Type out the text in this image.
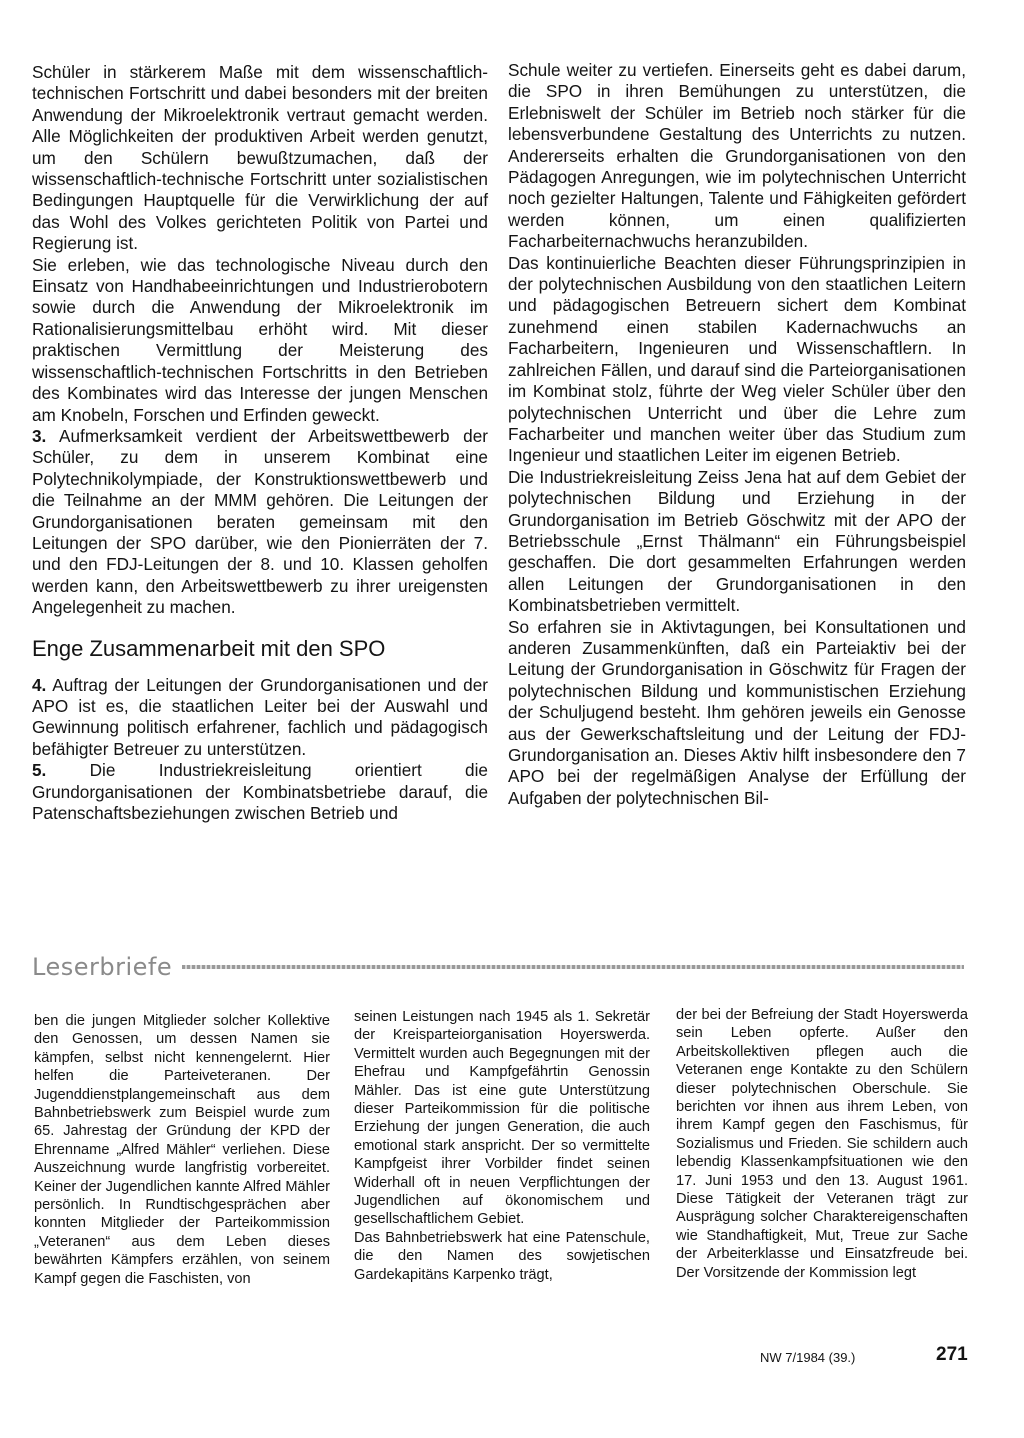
Schüler in stärkerem Maße mit dem wissenschaftlich-technischen Fortschritt und dabei besonders mit der breiten Anwendung der Mikroelektronik vertraut gemacht werden. Alle Möglichkeiten der produktiven Arbeit werden genutzt, um den Schülern bewußtzumachen, daß der wissenschaftlich-technische Fortschritt unter sozialistischen Bedingungen Hauptquelle für die Verwirklichung der auf das Wohl des Volkes gerichteten Politik von Partei und Regierung ist.

Sie erleben, wie das technologische Niveau durch den Einsatz von Handhabeeinrichtungen und Industrierobotern sowie durch die Anwendung der Mikroelektronik im Rationalisierungsmittelbau erhöht wird. Mit dieser praktischen Vermittlung der Meisterung des wissenschaftlich-technischen Fortschritts in den Betrieben des Kombinates wird das Interesse der jungen Menschen am Knobeln, Forschen und Erfinden geweckt.

3. Aufmerksamkeit verdient der Arbeitswettbewerb der Schüler, zu dem in unserem Kombinat eine Polytechnikolympiade, der Konstruktionswettbewerb und die Teilnahme an der MMM gehören. Die Leitungen der Grundorganisationen beraten gemeinsam mit den Leitungen der SPO darüber, wie den Pionierräten der 7. und den FDJ-Leitungen der 8. und 10. Klassen geholfen werden kann, den Arbeitswettbewerb zu ihrer ureigensten Angelegenheit zu machen.

Enge Zusammenarbeit mit den SPO

4. Auftrag der Leitungen der Grundorganisationen und der APO ist es, die staatlichen Leiter bei der Auswahl und Gewinnung politisch erfahrener, fachlich und pädagogisch befähigter Betreuer zu unterstützen.

5. Die Industriekreisleitung orientiert die Grundorganisationen der Kombinatsbetriebe darauf, die Patenschaftsbeziehungen zwischen Betrieb und

Schule weiter zu vertiefen. Einerseits geht es dabei darum, die SPO in ihren Bemühungen zu unterstützen, die Erlebniswelt der Schüler im Betrieb noch stärker für die lebensverbundene Gestaltung des Unterrichts zu nutzen. Andererseits erhalten die Grundorganisationen von den Pädagogen Anregungen, wie im polytechnischen Unterricht noch gezielter Haltungen, Talente und Fähigkeiten gefördert werden können, um einen qualifizierten Facharbeiternachwuchs heranzubilden.

Das kontinuierliche Beachten dieser Führungsprinzipien in der polytechnischen Ausbildung von den staatlichen Leitern und pädagogischen Betreuern sichert dem Kombinat zunehmend einen stabilen Kadernachwuchs an Facharbeitern, Ingenieuren und Wissenschaftlern. In zahlreichen Fällen, und darauf sind die Parteiorganisationen im Kombinat stolz, führte der Weg vieler Schüler über den polytechnischen Unterricht und über die Lehre zum Facharbeiter und manchen weiter über das Studium zum Ingenieur und staatlichen Leiter im eigenen Betrieb.

Die Industriekreisleitung Zeiss Jena hat auf dem Gebiet der polytechnischen Bildung und Erziehung in der Grundorganisation im Betrieb Göschwitz mit der APO der Betriebsschule „Ernst Thälmann“ ein Führungsbeispiel geschaffen. Die dort gesammelten Erfahrungen werden allen Leitungen der Grundorganisationen in den Kombinatsbetrieben vermittelt.

So erfahren sie in Aktivtagungen, bei Konsultationen und anderen Zusammenkünften, daß ein Parteiaktiv bei der Leitung der Grundorganisation in Göschwitz für Fragen der polytechnischen Bildung und kommunistischen Erziehung der Schuljugend besteht. Ihm gehören jeweils ein Genosse aus der Gewerkschaftsleitung und der Leitung der FDJ-Grundorganisation an. Dieses Aktiv hilft insbesondere den 7 APO bei der regelmäßigen Analyse der Erfüllung der Aufgaben der polytechnischen Bil-

Leserbriefe

ben die jungen Mitglieder solcher Kollektive den Genossen, um dessen Namen sie kämpfen, selbst nicht kennengelernt. Hier helfen die Parteiveteranen. Der Jugenddienstplangemeinschaft aus dem Bahnbetriebswerk zum Beispiel wurde zum 65. Jahrestag der Gründung der KPD der Ehrenname „Alfred Mähler“ verliehen. Diese Auszeichnung wurde langfristig vorbereitet. Keiner der Jugendlichen kannte Alfred Mähler persönlich. In Rundtischgesprächen aber konnten Mitglieder der Parteikommission „Veteranen“ aus dem Leben dieses bewährten Kämpfers erzählen, von seinem Kampf gegen die Faschisten, von

seinen Leistungen nach 1945 als 1. Sekretär der Kreisparteiorganisation Hoyerswerda. Vermittelt wurden auch Begegnungen mit der Ehefrau und Kampfgefährtin Genossin Mähler. Das ist eine gute Unterstützung dieser Parteikommission für die politische Erziehung der jungen Generation, die auch emotional stark anspricht. Der so vermittelte Kampfgeist ihrer Vorbilder findet seinen Widerhall oft in neuen Verpflichtungen der Jugendlichen auf ökonomischem und gesellschaftlichem Gebiet.

Das Bahnbetriebswerk hat eine Patenschule, die den Namen des sowjetischen Gardekapitäns Karpenko trägt,

der bei der Befreiung der Stadt Hoyerswerda sein Leben opferte. Außer den Arbeitskollektiven pflegen auch die Veteranen enge Kontakte zu den Schülern dieser polytechnischen Oberschule. Sie berichten vor ihnen aus ihrem Leben, von ihrem Kampf gegen den Faschismus, für Sozialismus und Frieden. Sie schildern auch lebendig Klassenkampfsituationen wie den 17. Juni 1953 und den 13. August 1961. Diese Tätigkeit der Veteranen trägt zur Ausprägung solcher Charaktereigenschaften wie Standhaftigkeit, Mut, Treue zur Sache der Arbeiterklasse und Einsatzfreude bei. Der Vorsitzende der Kommission legt

NW 7/1984 (39.)	271
